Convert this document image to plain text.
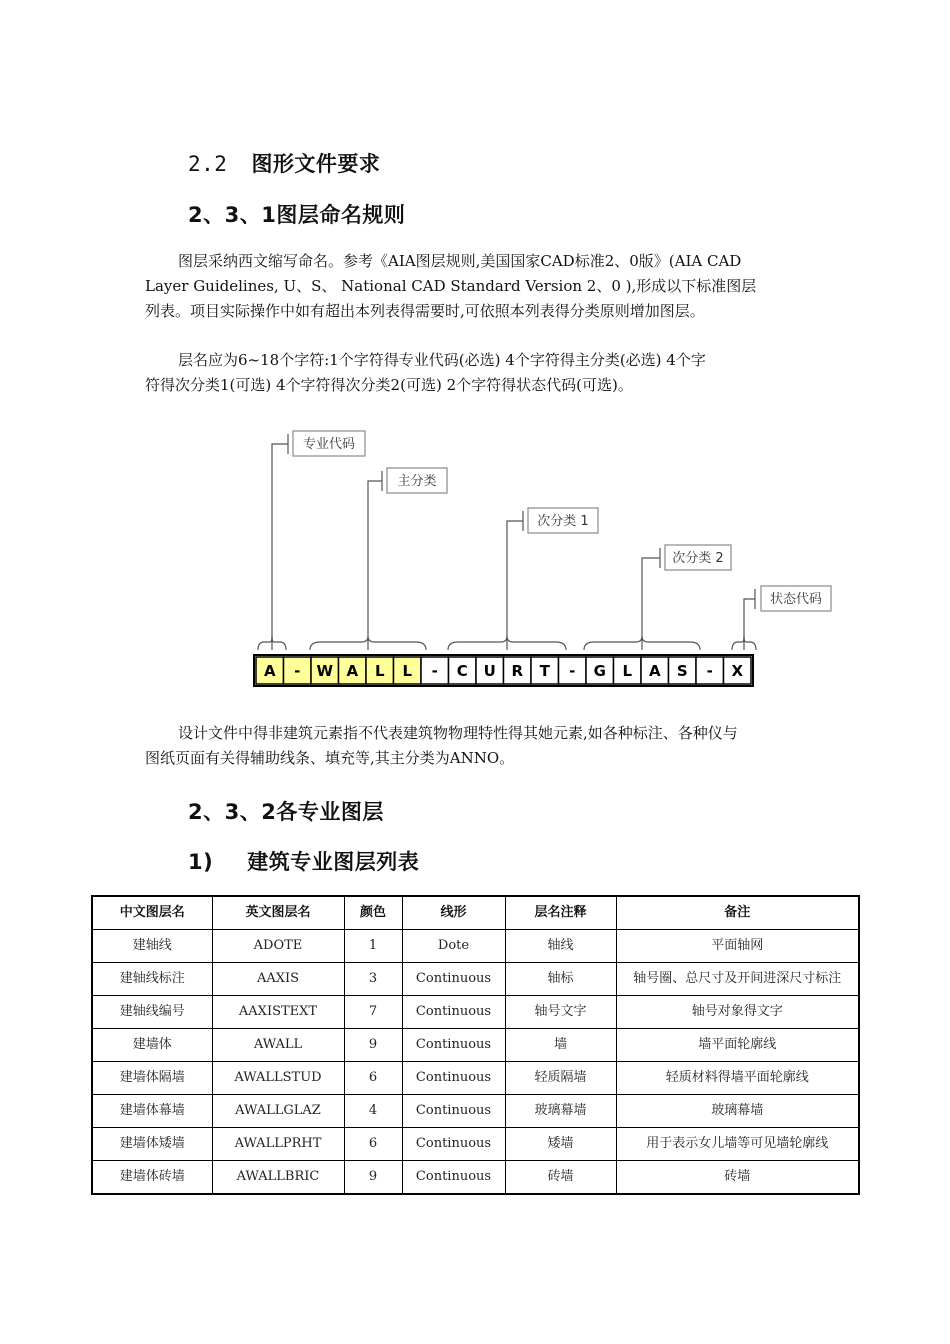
2.2 图形文件要求
2、3、1图层命名规则
图层采纳西文缩写命名。参考《AIA图层规则,美国国家CAD标准2、0版》(AIA CAD
Layer Guidelines, U、S、 National CAD Standard Version 2、0 ),形成以下标准图层
列表。项目实际操作中如有超出本列表得需要时,可依照本列表得分类原则增加图层。
层名应为6~18个字符:1个字符得专业代码(必选) 4个字符得主分类(必选) 4个字
符得次分类1(可选) 4个字符得次分类2(可选) 2个字符得状态代码(可选)。
专业代码
主分类
次分类 1
次分类 2
状态代码
A - W A L L - C U R T - G L A S - X
设计文件中得非建筑元素指不代表建筑物物理特性得其她元素,如各种标注、各种仪与
图纸页面有关得辅助线条、填充等,其主分类为ANNO。
2、3、2各专业图层
1) 建筑专业图层列表
中文图层名	英文图层名	颜色	线形	层名注释	备注
建轴线	ADOTE	1	Dote	轴线	平面轴网
建轴线标注	AAXIS	3	Continuous	轴标	轴号圈、总尺寸及开间进深尺寸标注
建轴线编号	AAXISTEXT	7	Continuous	轴号文字	轴号对象得文字
建墙体	AWALL	9	Continuous	墙	墙平面轮廓线
建墙体隔墙	AWALLSTUD	6	Continuous	轻质隔墙	轻质材料得墙平面轮廓线
建墙体幕墙	AWALLGLAZ	4	Continuous	玻璃幕墙	玻璃幕墙
建墙体矮墙	AWALLPRHT	6	Continuous	矮墙	用于表示女儿墙等可见墙轮廓线
建墙体砖墙	AWALLBRIC	9	Continuous	砖墙	砖墙
